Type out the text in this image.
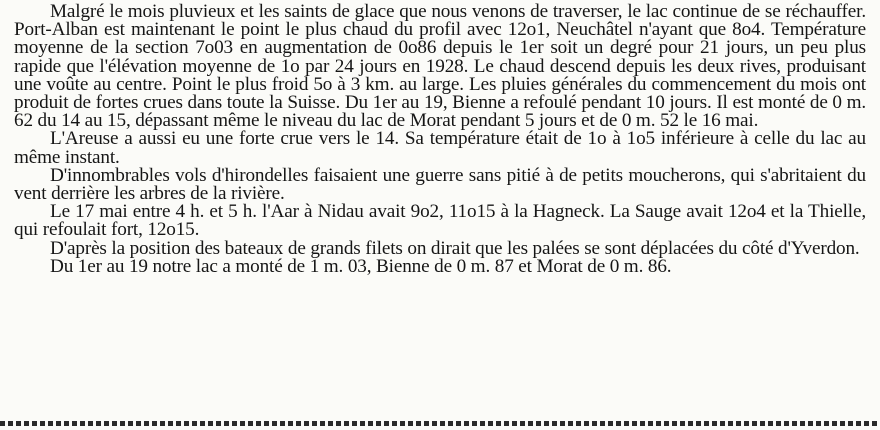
Malgré le mois pluvieux et les saints de glace que nous venons de traverser, le lac continue de se réchauffer. Port-Alban est maintenant le point le plus chaud du profil avec 12o1, Neuchâtel n'ayant que 8o4. Température moyenne de la section 7o03 en augmentation de 0o86 depuis le 1er soit un degré pour 21 jours, un peu plus rapide que l'élévation moyenne de 1o par 24 jours en 1928. Le chaud descend depuis les deux rives, produisant une voûte au centre. Point le plus froid 5o à 3 km. au large. Les pluies générales du commencement du mois ont produit de fortes crues dans toute la Suisse. Du 1er au 19, Bienne a refoulé pendant 10 jours. Il est monté de 0 m. 62 du 14 au 15, dépassant même le niveau du lac de Morat pendant 5 jours et de 0 m. 52 le 16 mai.

L'Areuse a aussi eu une forte crue vers le 14. Sa température était de 1o à 1o5 inférieure à celle du lac au même instant.

D'innombrables vols d'hirondelles faisaient une guerre sans pitié à de petits moucherons, qui s'abritaient du vent derrière les arbres de la rivière.

Le 17 mai entre 4 h. et 5 h. l'Aar à Nidau avait 9o2, 11o15 à la Hagneck. La Sauge avait 12o4 et la Thielle, qui refoulait fort, 12o15.

D'après la position des bateaux de grands filets on dirait que les palées se sont déplacées du côté d'Yverdon.

Du 1er au 19 notre lac a monté de 1 m. 03, Bienne de 0 m. 87 et Morat de 0 m. 86.
